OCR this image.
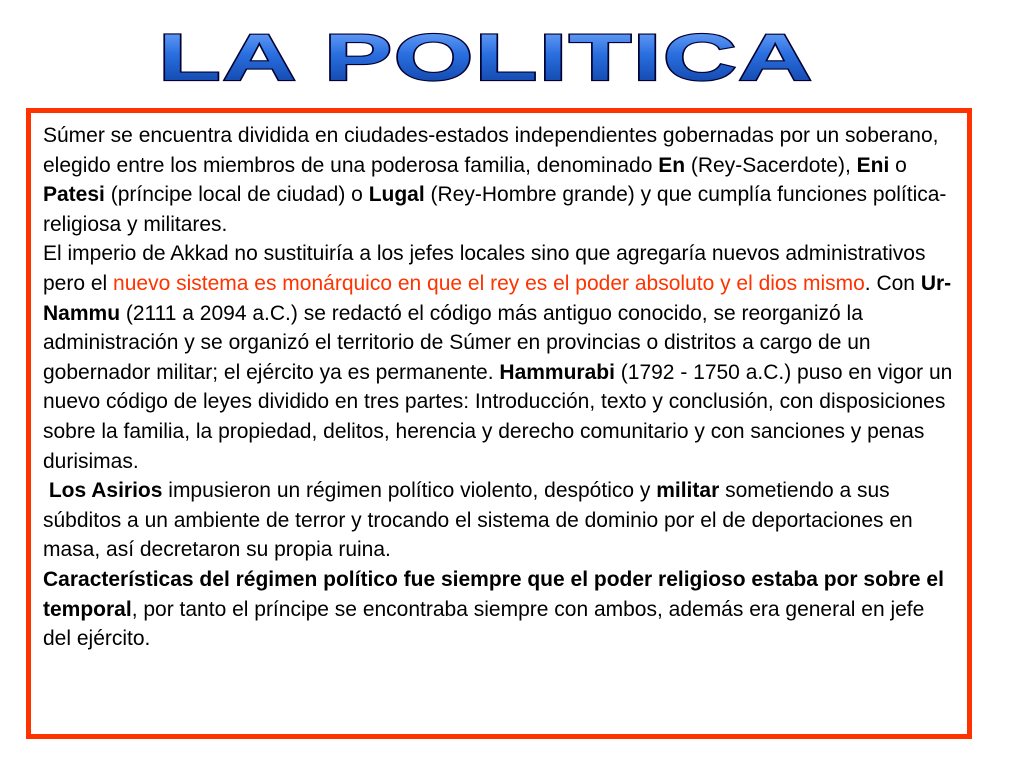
LA POLITICA

Súmer se encuentra dividida en ciudades-estados independientes gobernadas por un soberano, elegido entre los miembros de una poderosa familia, denominado En (Rey-Sacerdote), Eni o Patesi (príncipe local de ciudad) o Lugal (Rey-Hombre grande) y que cumplía funciones política-religiosa y militares.

El imperio de Akkad no sustituiría a los jefes locales sino que agregaría nuevos administrativos pero el nuevo sistema es monárquico en que el rey es el poder absoluto y el dios mismo. Con Ur-Nammu (2111 a 2094 a.C.) se redactó el código más antiguo conocido, se reorganizó la administración y se organizó el territorio de Súmer en provincias o distritos a cargo de un gobernador militar; el ejército ya es permanente. Hammurabi (1792 - 1750 a.C.) puso en vigor un nuevo código de leyes dividido en tres partes: Introducción, texto y conclusión, con disposiciones sobre la familia, la propiedad, delitos, herencia y derecho comunitario y con sanciones y penas durisimas.

Los Asirios impusieron un régimen político violento, despótico y militar sometiendo a sus súbditos a un ambiente de terror y trocando el sistema de dominio por el de deportaciones en masa, así decretaron su propia ruina.

Características del régimen político fue siempre que el poder religioso estaba por sobre el temporal, por tanto el príncipe se encontraba siempre con ambos, además era general en jefe del ejército.
